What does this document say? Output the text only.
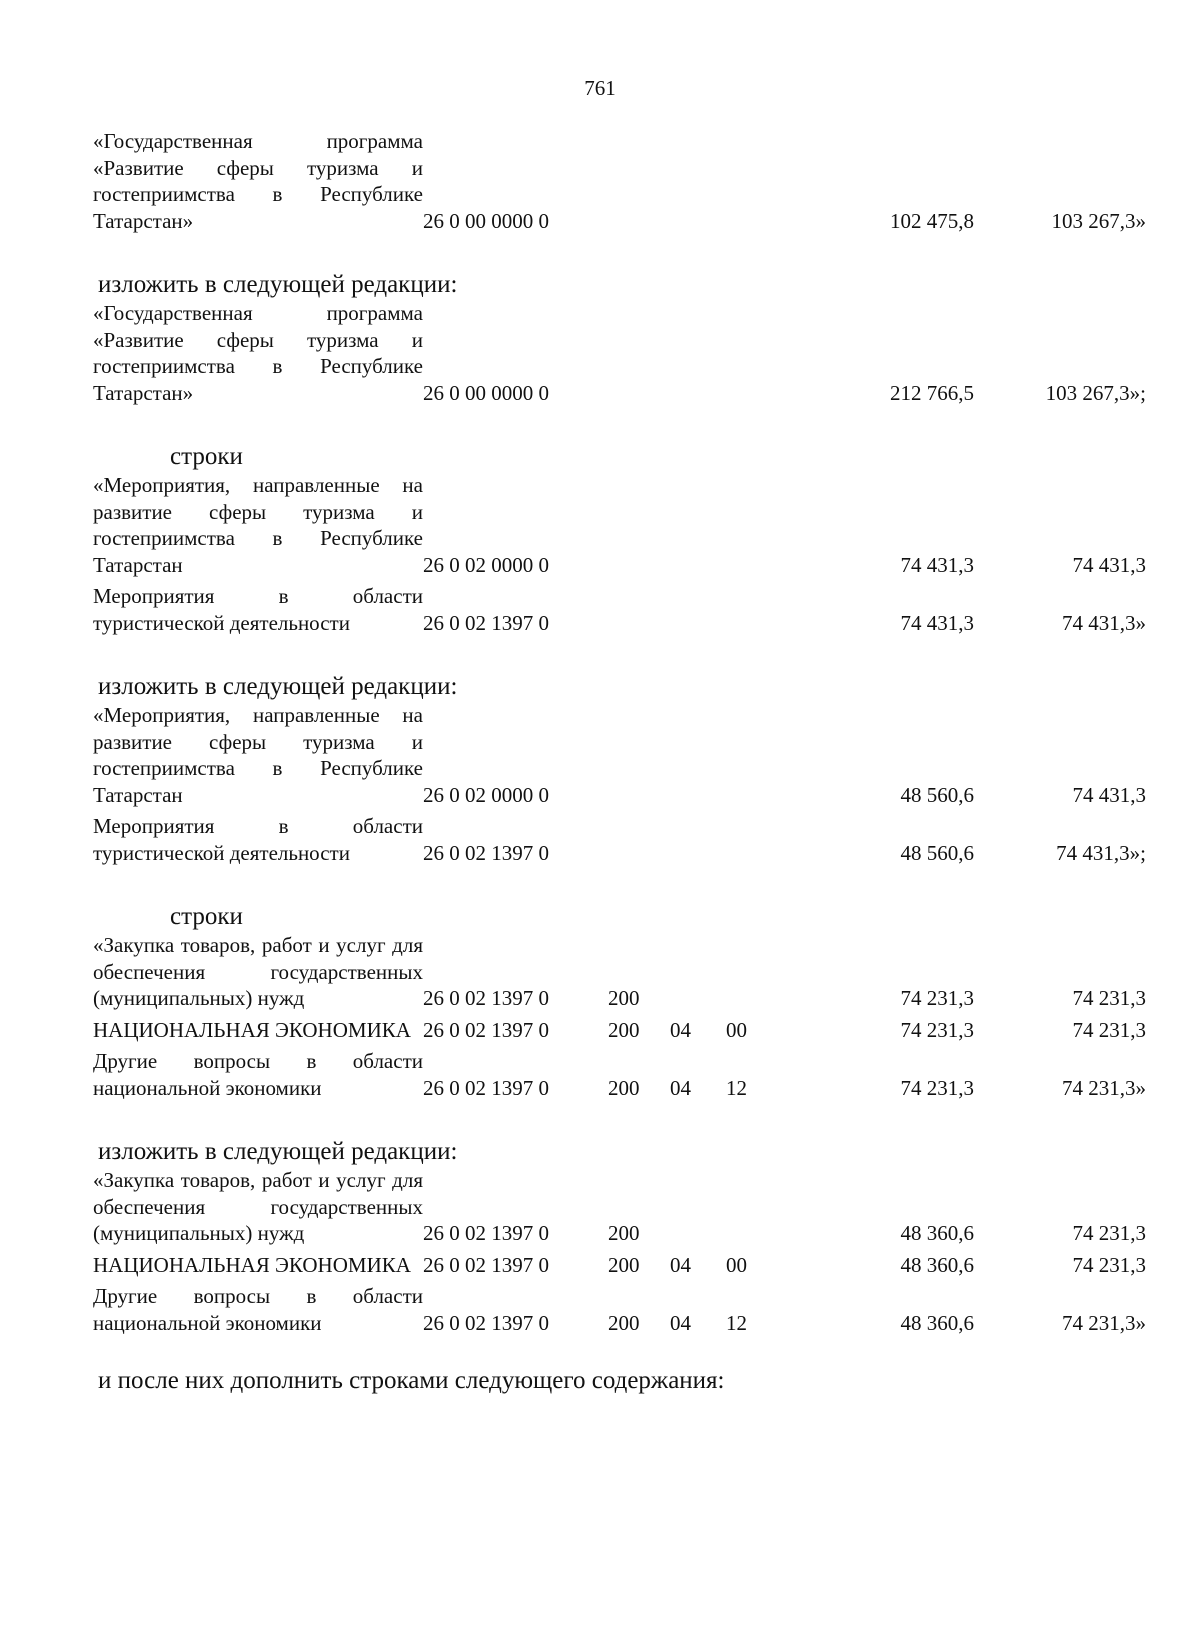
761
«Государственная программа «Развитие сферы туризма и гостеприимства в Республике Татарстан»	26 0 00 0000 0				102 475,8	103 267,3»
изложить в следующей редакции:
«Государственная программа «Развитие сферы туризма и гостеприимства в Республике Татарстан»	26 0 00 0000 0				212 766,5	103 267,3»;
строки
«Мероприятия, направленные на развитие сферы туризма и гостеприимства в Республике Татарстан	26 0 02 0000 0				74 431,3	74 431,3
Мероприятия в области туристической деятельности	26 0 02 1397 0				74 431,3	74 431,3»
изложить в следующей редакции:
«Мероприятия, направленные на развитие сферы туризма и гостеприимства в Республике Татарстан	26 0 02 0000 0				48 560,6	74 431,3
Мероприятия в области туристической деятельности	26 0 02 1397 0				48 560,6	74 431,3»;
строки
«Закупка товаров, работ и услуг для обеспечения государственных (муниципальных) нужд	26 0 02 1397 0	200			74 231,3	74 231,3
НАЦИОНАЛЬНАЯ ЭКОНОМИКА	26 0 02 1397 0	200	04	00	74 231,3	74 231,3
Другие вопросы в области национальной экономики	26 0 02 1397 0	200	04	12	74 231,3	74 231,3»
изложить в следующей редакции:
«Закупка товаров, работ и услуг для обеспечения государственных (муниципальных) нужд	26 0 02 1397 0	200			48 360,6	74 231,3
НАЦИОНАЛЬНАЯ ЭКОНОМИКА	26 0 02 1397 0	200	04	00	48 360,6	74 231,3
Другие вопросы в области национальной экономики	26 0 02 1397 0	200	04	12	48 360,6	74 231,3»
и после них дополнить строками следующего содержания:
